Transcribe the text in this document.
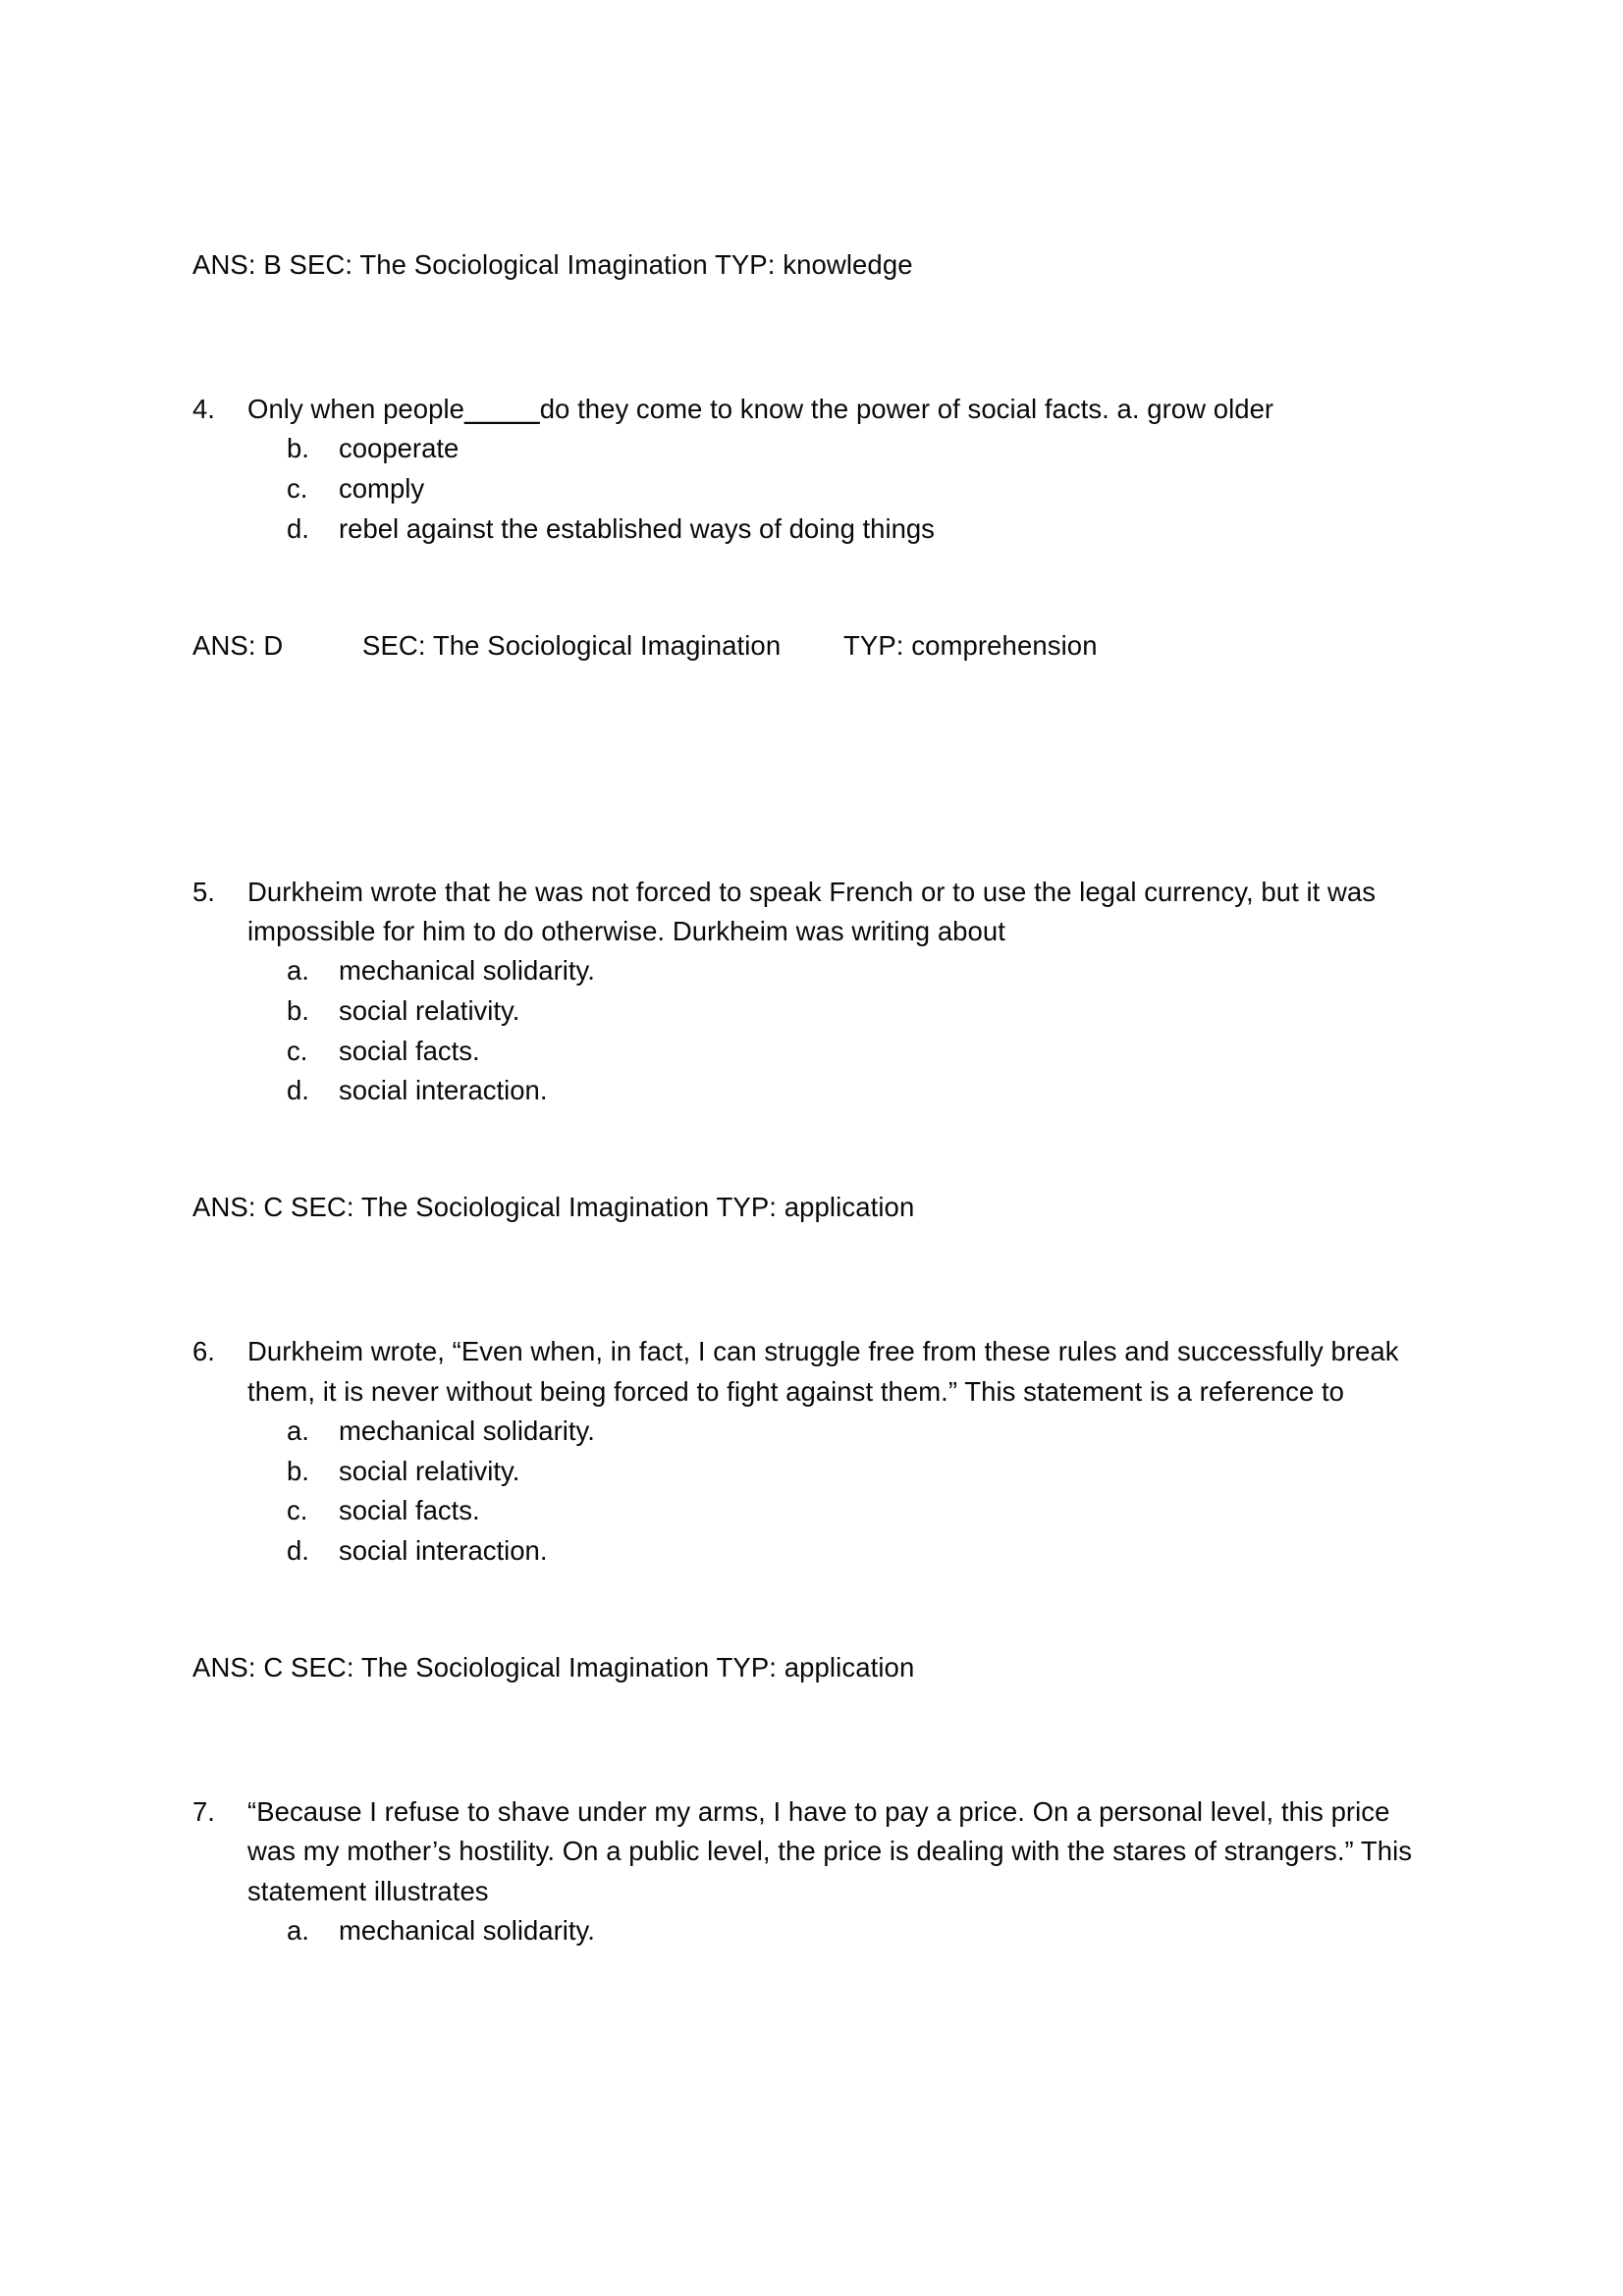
ANS: B SEC: The Sociological Imagination TYP: knowledge
4.	Only when people_____do they come to know the power of social facts. a. grow older
b.	cooperate
c.	comply
d.	rebel against the established ways of doing things
ANS: D	SEC: The Sociological Imagination	TYP: comprehension
5.	Durkheim wrote that he was not forced to speak French or to use the legal currency, but it was impossible for him to do otherwise. Durkheim was writing about
a.	mechanical solidarity.
b.	social relativity.
c.	social facts.
d.	social interaction.
ANS: C SEC: The Sociological Imagination TYP: application
6.	Durkheim wrote, “Even when, in fact, I can struggle free from these rules and successfully break them, it is never without being forced to fight against them.” This statement is a reference to
a.	mechanical solidarity.
b.	social relativity.
c.	social facts.
d.	social interaction.
ANS: C SEC: The Sociological Imagination TYP: application
7.	“Because I refuse to shave under my arms, I have to pay a price. On a personal level, this price was my mother’s hostility. On a public level, the price is dealing with the stares of strangers.” This statement illustrates
a.	mechanical solidarity.
